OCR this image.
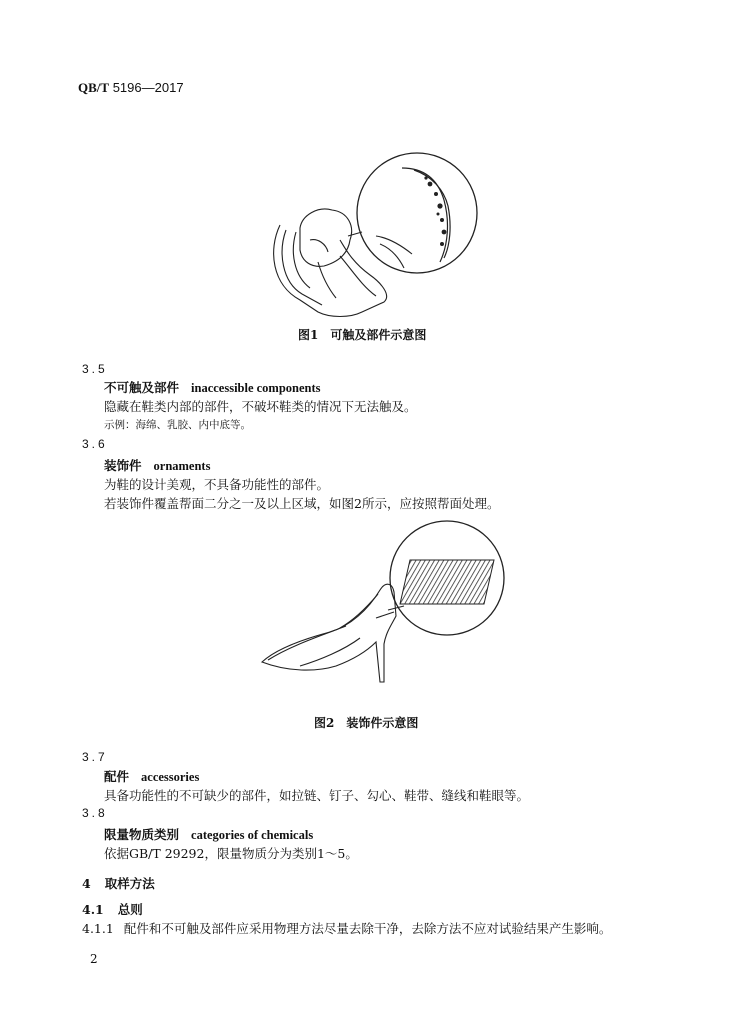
QB/T 5196—2017
图1　可触及部件示意图
3.5
不可触及部件 inaccessible components
隐藏在鞋类内部的部件，不破坏鞋类的情况下无法触及。
示例：海绵、乳胶、内中底等。
3.6
装饰件 ornaments
为鞋的设计美观，不具备功能性的部件。
若装饰件覆盖帮面二分之一及以上区域，如图2所示，应按照帮面处理。
图2　装饰件示意图
3.7
配件 accessories
具备功能性的不可缺少的部件，如拉链、钉子、勾心、鞋带、缝线和鞋眼等。
3.8
限量物质类别 categories of chemicals
依据GB/T 29292，限量物质分为类别1～5。
4 取样方法
4.1 总则
4.1.1 配件和不可触及部件应采用物理方法尽量去除干净，去除方法不应对试验结果产生影响。
2
